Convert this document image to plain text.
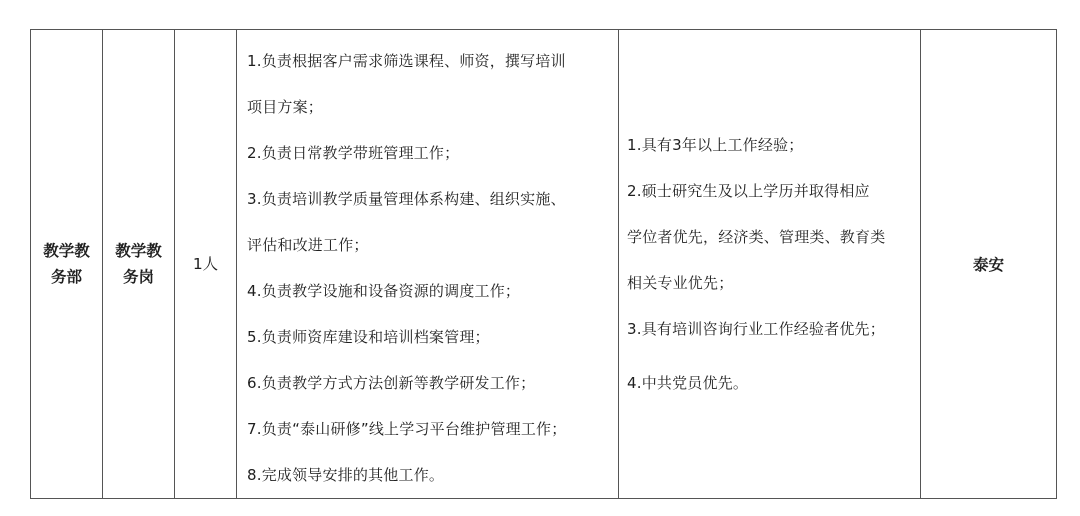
教学教
务部

教学教
务岗

1人

1.负责根据客户需求筛选课程、师资，撰写培训
项目方案；
2.负责日常教学带班管理工作；
3.负责培训教学质量管理体系构建、组织实施、
评估和改进工作；
4.负责教学设施和设备资源的调度工作；
5.负责师资库建设和培训档案管理；
6.负责教学方式方法创新等教学研发工作；
7.负责“泰山研修”线上学习平台维护管理工作；
8.完成领导安排的其他工作。

1.具有3年以上工作经验；
2.硕士研究生及以上学历并取得相应
学位者优先，经济类、管理类、教育类
相关专业优先；
3.具有培训咨询行业工作经验者优先；
4.中共党员优先。
	泰安
